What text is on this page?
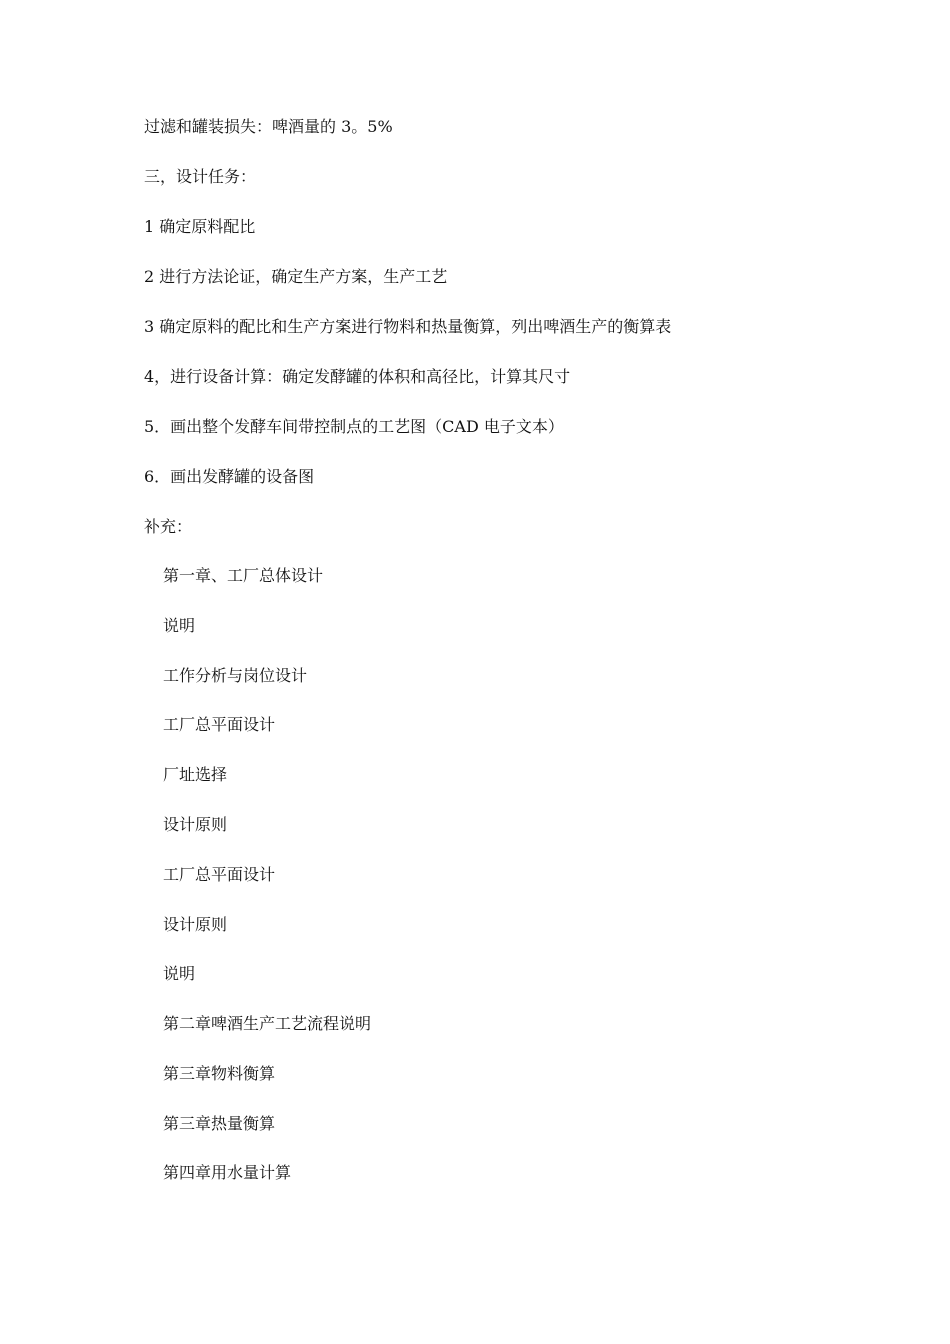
过滤和罐装损失：啤酒量的 3。5%
三，设计任务：
1 确定原料配比
2 进行方法论证，确定生产方案，生产工艺
3 确定原料的配比和生产方案进行物料和热量衡算，列出啤酒生产的衡算表
4，进行设备计算：确定发酵罐的体积和高径比，计算其尺寸
5．画出整个发酵车间带控制点的工艺图（CAD 电子文本）
6．画出发酵罐的设备图
补充：
第一章、工厂总体设计
说明
工作分析与岗位设计
工厂总平面设计
厂址选择
设计原则
工厂总平面设计
设计原则
说明
第二章啤酒生产工艺流程说明
第三章物料衡算
第三章热量衡算
第四章用水量计算
